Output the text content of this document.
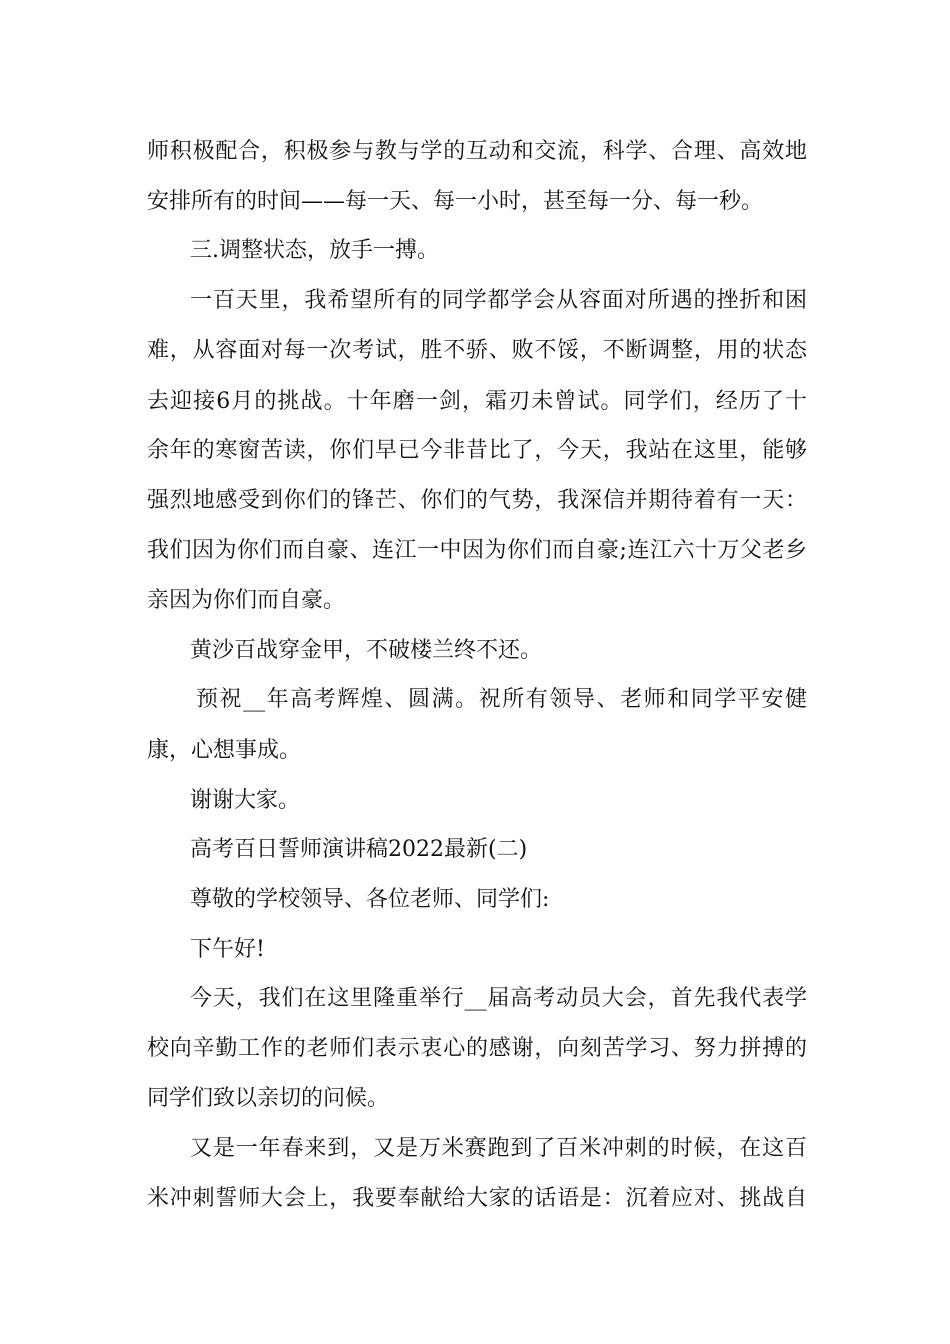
师积极配合，积极参与教与学的互动和交流，科学、合理、高效地
安排所有的时间——每一天、每一小时，甚至每一分、每一秒。
三.调整状态，放手一搏。
一百天里，我希望所有的同学都学会从容面对所遇的挫折和困
难，从容面对每一次考试，胜不骄、败不馁，不断调整，用的状态
去迎接6月的挑战。十年磨一剑，霜刃未曾试。同学们，经历了十
余年的寒窗苦读，你们早已今非昔比了，今天，我站在这里，能够
强烈地感受到你们的锋芒、你们的气势，我深信并期待着有一天：
我们因为你们而自豪、连江一中因为你们而自豪;连江六十万父老乡
亲因为你们而自豪。
黄沙百战穿金甲，不破楼兰终不还。
预祝__年高考辉煌、圆满。祝所有领导、老师和同学平安健
康，心想事成。
谢谢大家。
高考百日誓师演讲稿2022最新(二)
尊敬的学校领导、各位老师、同学们:
下午好!
今天，我们在这里隆重举行__届高考动员大会，首先我代表学
校向辛勤工作的老师们表示衷心的感谢，向刻苦学习、努力拼搏的
同学们致以亲切的问候。
又是一年春来到，又是万米赛跑到了百米冲刺的时候，在这百
米冲刺誓师大会上，我要奉献给大家的话语是：沉着应对、挑战自
